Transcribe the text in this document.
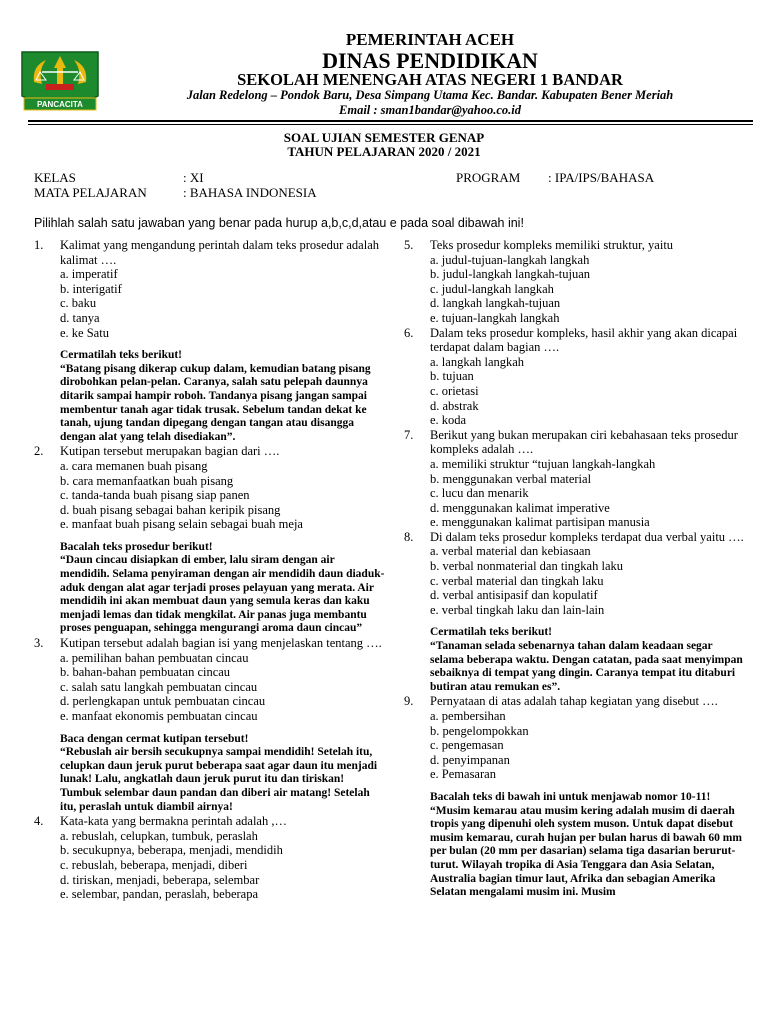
PANCACITA
PEMERINTAH ACEH
DINAS PENDIDIKAN
SEKOLAH MENENGAH ATAS NEGERI 1 BANDAR
Jalan Redelong – Pondok Baru, Desa Simpang Utama Kec. Bandar. Kabupaten Bener Meriah
Email : sman1bandar@yahoo.co.id
SOAL UJIAN SEMESTER GENAP
TAHUN PELAJARAN 2020 / 2021
KELAS	: XI
MATA PELAJARAN	: BAHASA INDONESIA
PROGRAM : IPA/IPS/BAHASA
Pilihlah salah satu jawaban yang benar pada hurup a,b,c,d,atau e pada soal dibawah ini!
1.	Kalimat yang mengandung perintah dalam teks prosedur adalah kalimat ….
a. imperatif
b. interigatif
c. baku
d. tanya
e. ke Satu
Cermatilah teks berikut!
“Batang pisang dikerap cukup dalam, kemudian batang pisang dirobohkan pelan-pelan. Caranya, salah satu pelepah daunnya ditarik sampai hampir roboh. Tandanya pisang jangan sampai membentur tanah agar tidak trusak. Sebelum tandan dekat ke tanah, ujung tandan dipegang dengan tangan atau disangga dengan alat yang telah disediakan”.
2.	Kutipan tersebut merupakan bagian dari ….
a. cara memanen buah pisang
b. cara memanfaatkan buah pisang
c. tanda-tanda buah pisang siap panen
d. buah pisang sebagai bahan keripik pisang
e. manfaat buah pisang selain sebagai buah meja
Bacalah teks prosedur berikut!
“Daun cincau disiapkan di ember, lalu siram dengan air mendidih. Selama penyiraman dengan air mendidih daun diaduk-aduk dengan alat agar terjadi proses pelayuan yang merata. Air mendidih ini akan membuat daun yang semula keras dan kaku menjadi lemas dan tidak mengkilat. Air panas juga membantu proses penguapan, sehingga mengurangi aroma daun cincau”
3.	Kutipan tersebut adalah bagian isi yang menjelaskan tentang ….
a. pemilihan bahan pembuatan cincau
b. bahan-bahan pembuatan cincau
c. salah satu langkah pembuatan cincau
d. perlengkapan untuk pembuatan cincau
e. manfaat ekonomis pembuatan cincau
Baca dengan cermat kutipan tersebut!
“Rebuslah air bersih secukupnya sampai mendidih! Setelah itu, celupkan daun jeruk purut beberapa saat agar daun itu menjadi lunak! Lalu, angkatlah daun jeruk purut itu dan tiriskan! Tumbuk selembar daun pandan dan diberi air matang! Setelah itu, peraslah untuk diambil airnya!
4.	Kata-kata yang bermakna perintah adalah ,…
a. rebuslah, celupkan, tumbuk, peraslah
b. secukupnya, beberapa, menjadi, mendidih
c. rebuslah, beberapa, menjadi, diberi
d. tiriskan, menjadi, beberapa, selembar
e. selembar, pandan, peraslah, beberapa
5.	Teks prosedur kompleks memiliki struktur, yaitu
a. judul-tujuan-langkah langkah
b. judul-langkah langkah-tujuan
c. judul-langkah langkah
d. langkah langkah-tujuan
e. tujuan-langkah langkah
6.	Dalam teks prosedur kompleks, hasil akhir yang akan dicapai terdapat dalam bagian ….
a. langkah langkah
b. tujuan
c. orietasi
d. abstrak
e. koda
7.	Berikut yang bukan merupakan ciri kebahasaan teks prosedur kompleks adalah ….
a. memiliki struktur “tujuan langkah-langkah
b. menggunakan verbal material
c. lucu dan menarik
d. menggunakan kalimat imperative
e. menggunakan kalimat partisipan manusia
8.	Di dalam teks prosedur kompleks terdapat dua verbal yaitu ….
a. verbal material dan kebiasaan
b. verbal nonmaterial dan tingkah laku
c. verbal material dan tingkah laku
d. verbal antisipasif dan kopulatif
e. verbal tingkah laku dan lain-lain
Cermatilah teks berikut!
“Tanaman selada sebenarnya tahan dalam keadaan segar selama beberapa waktu. Dengan catatan, pada saat menyimpan sebaiknya di tempat yang dingin. Caranya tempat itu ditaburi butiran atau remukan es”.
9.	Pernyataan di atas adalah tahap kegiatan yang disebut ….
a. pembersihan
b. pengelompokkan
c. pengemasan
d. penyimpanan
e. Pemasaran
Bacalah teks di bawah ini untuk menjawab nomor 10-11!
“Musim kemarau atau musim kering adalah musim di daerah tropis yang dipenuhi oleh system muson. Untuk dapat disebut musim kemarau, curah hujan per bulan harus di bawah 60 mm per bulan (20 mm per dasarian) selama tiga dasarian berurut-turut. Wilayah tropika di Asia Tenggara dan Asia Selatan, Australia bagian timur laut, Afrika dan sebagian Amerika Selatan mengalami musim ini. Musim
